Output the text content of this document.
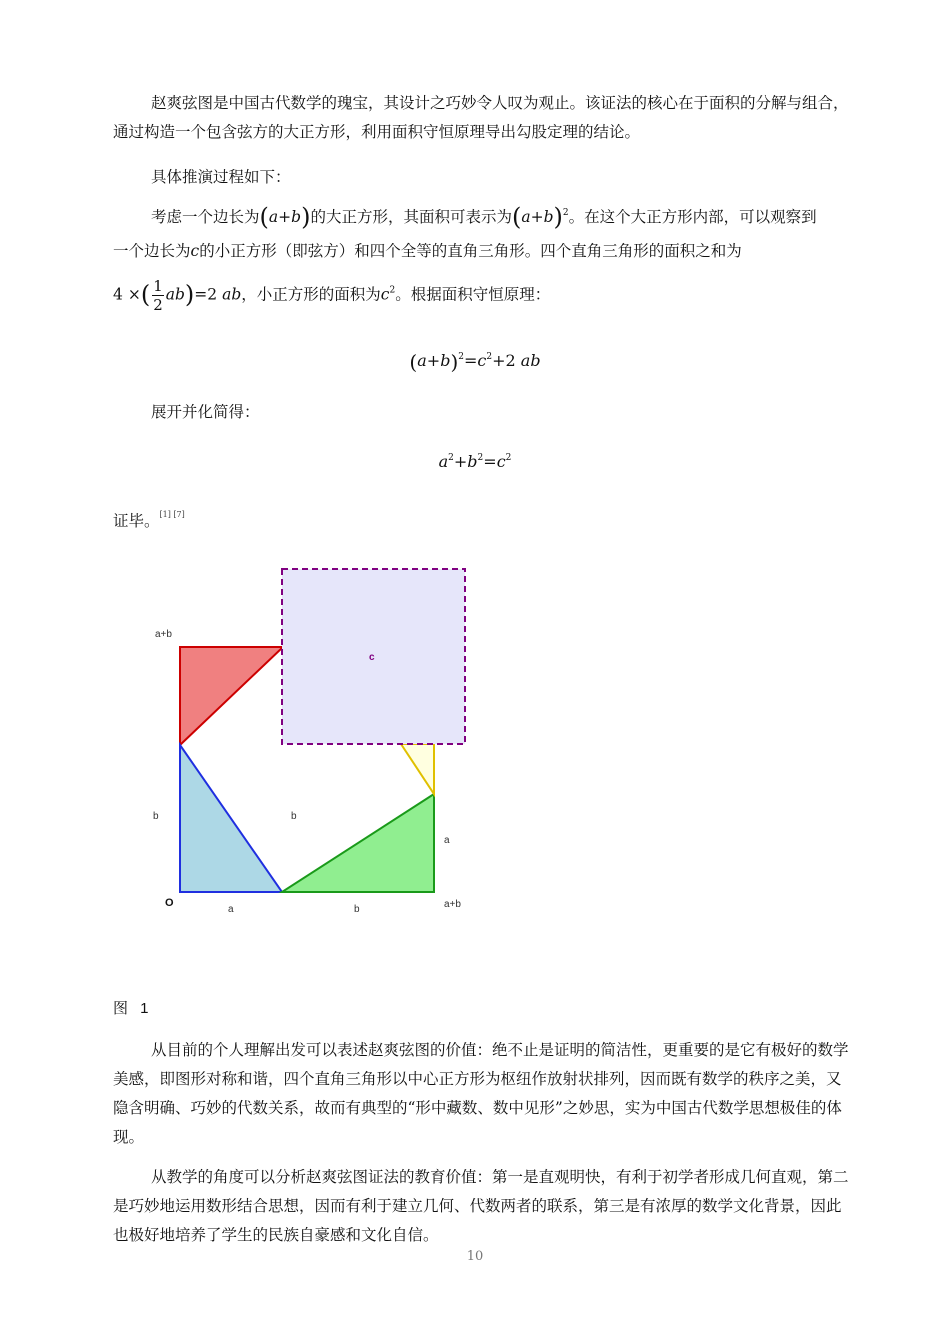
赵爽弦图是中国古代数学的瑰宝，其设计之巧妙令人叹为观止。该证法的核心在于面积的分解与组合，通过构造一个包含弦方的大正方形，利用面积守恒原理导出勾股定理的结论。

具体推演过程如下：

考虑一个边长为(a+b)的大正方形，其面积可表示为$(a+b)^2$。在这个大正方形内部，可以观察到

一个边长为c的小正方形（即弦方）和四个全等的直角三角形。四个直角三角形的面积之和为

4 ×( $\frac{1}{2} ab)=2$ ab，小正方形的面积为$c^2$。根据面积守恒原理：

$(a+b)^2=c^2+2$ ab

展开并化简得：

$a^2+b^2=c^2$

证毕。[1] [7]

a+b
c
b	b
a
O
a	b	a+b
图 1

从目前的个人理解出发可以表述赵爽弦图的价值：绝不止是证明的简洁性，更重要的是它有极好的数学美感，即图形对称和谐，四个直角三角形以中心正方形为枢纽作放射状排列，因而既有数学的秩序之美，又隐含明确、巧妙的代数关系，故而有典型的“形中藏数、数中见形”之妙思，实为中国古代数学思想极佳的体现。

从教学的角度可以分析赵爽弦图证法的教育价值：第一是直观明快，有利于初学者形成几何直观，第二是巧妙地运用数形结合思想，因而有利于建立几何、代数两者的联系，第三是有浓厚的数学文化背景，因此也极好地培养了学生的民族自豪感和文化自信。

10
